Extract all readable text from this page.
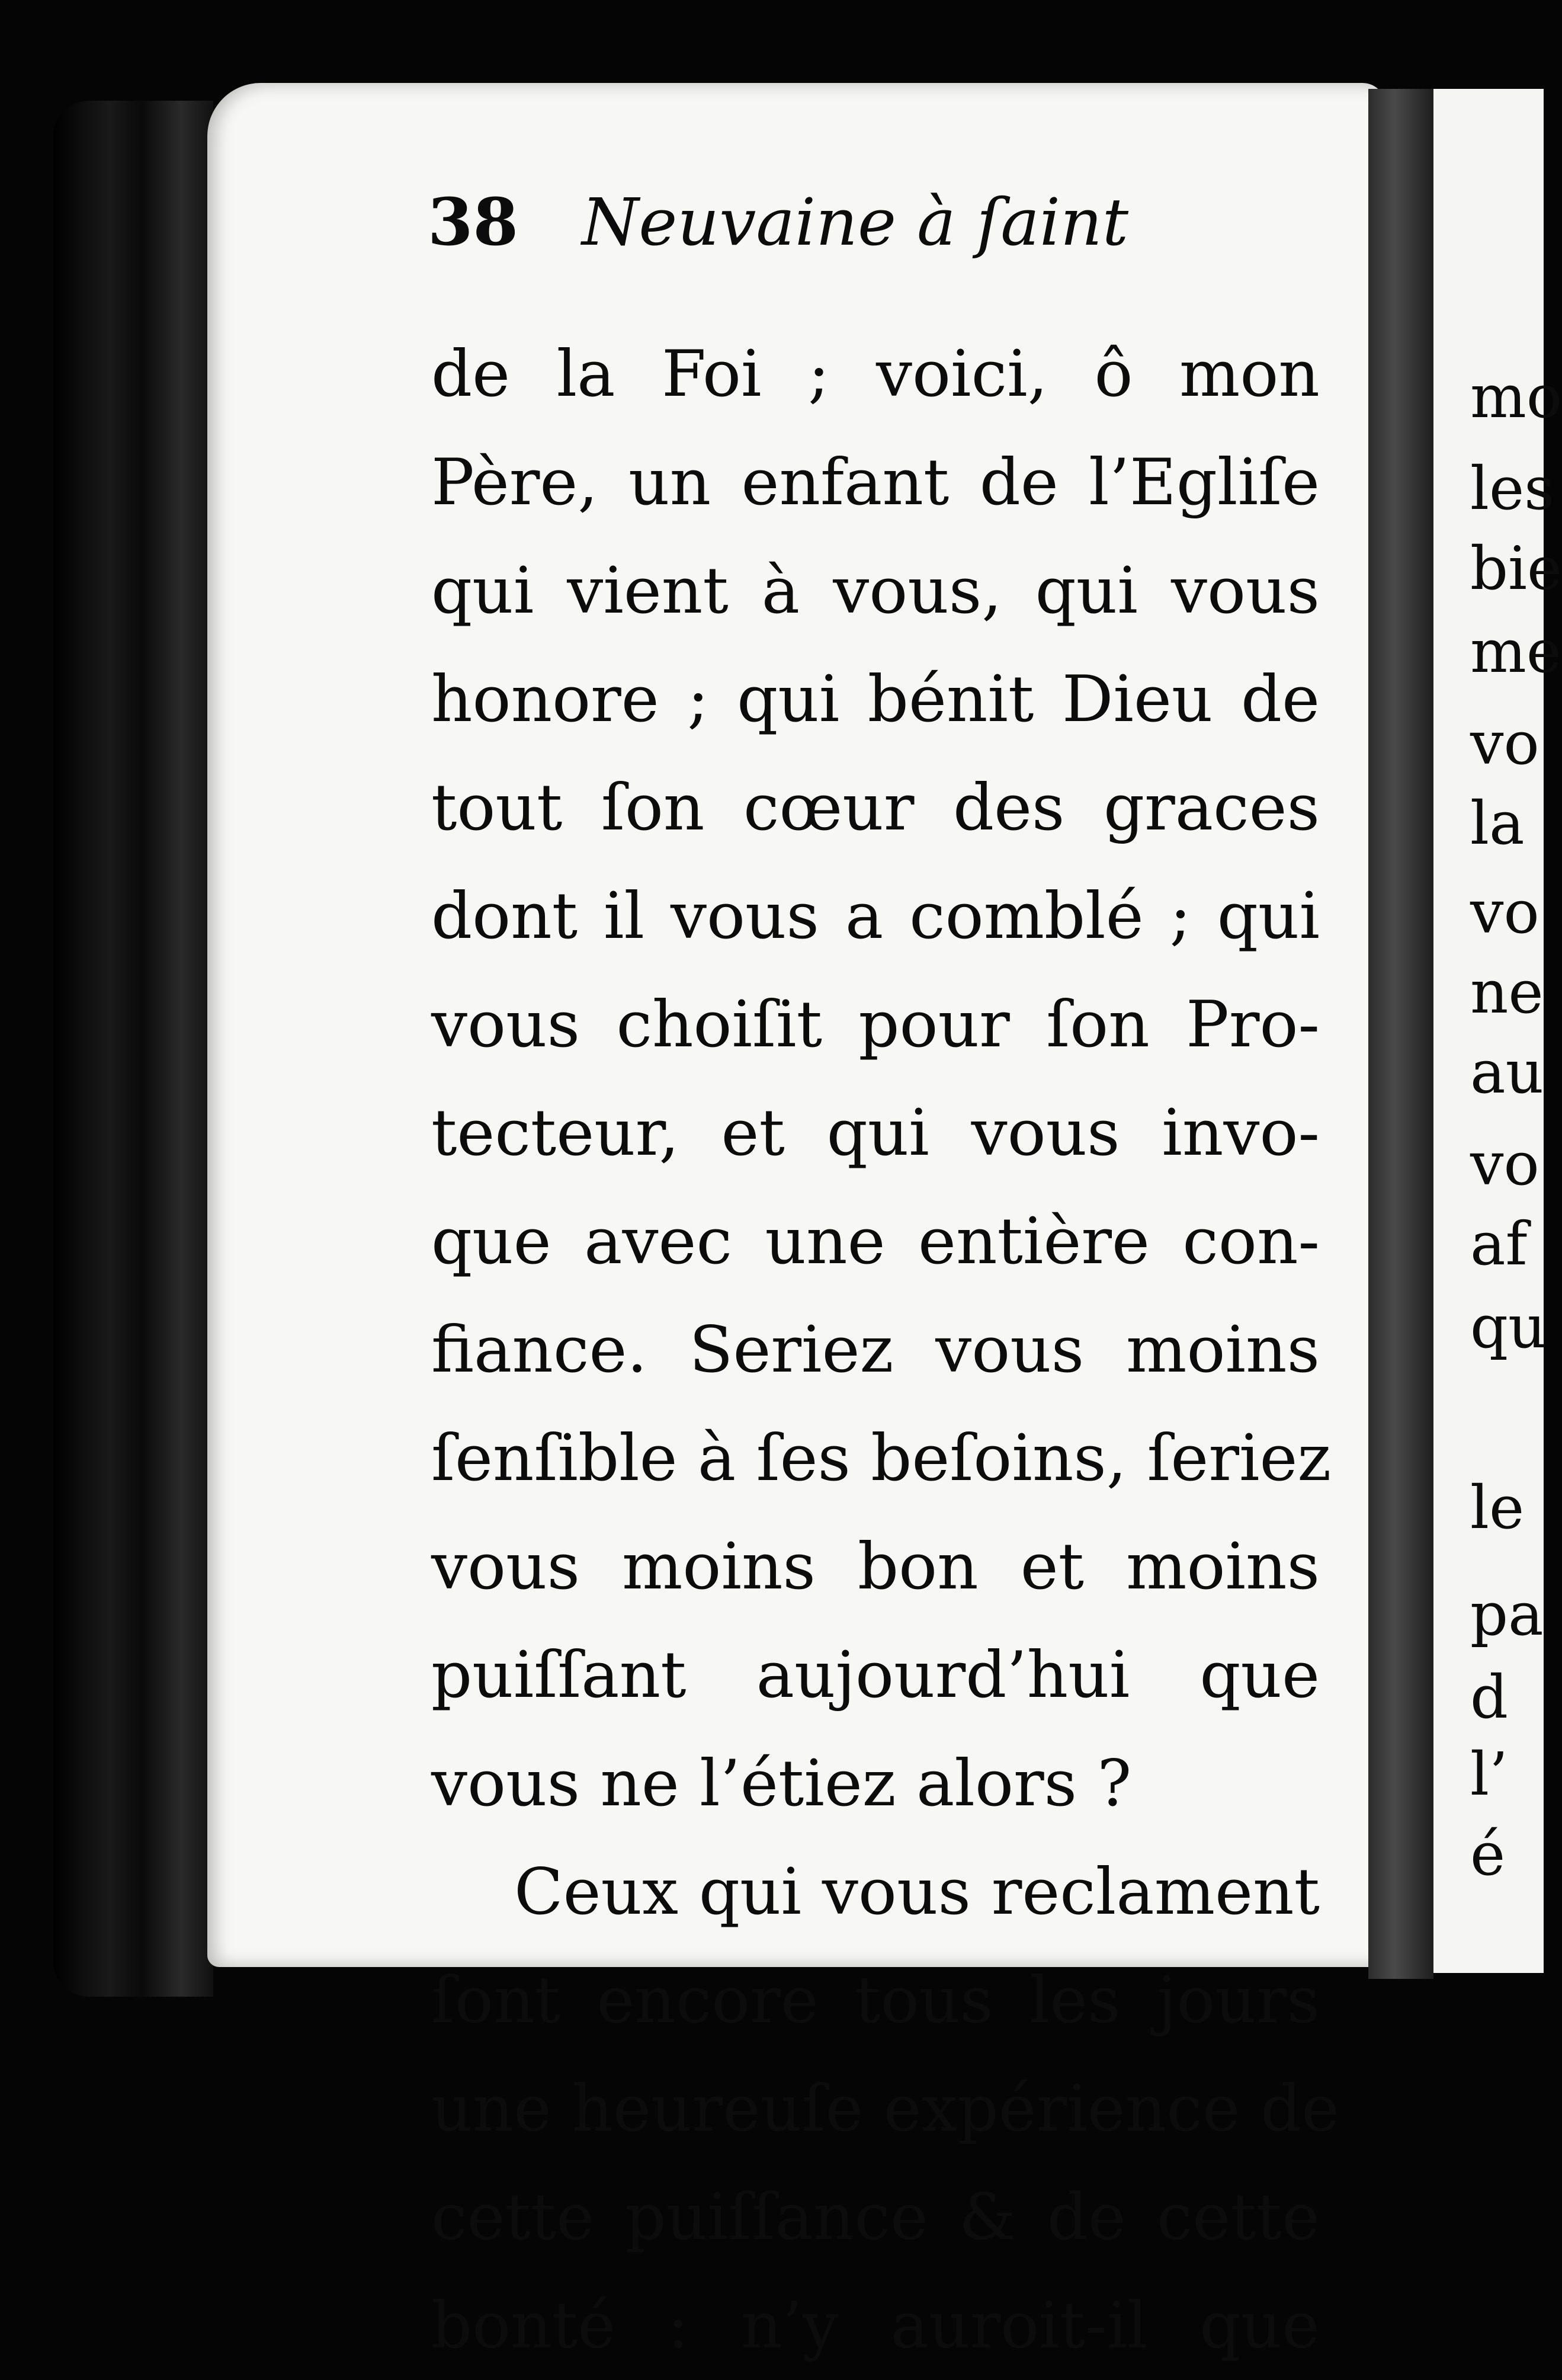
mo
les
bie
me
vo
la
vo
ne
au
vo
af
qu
le
pa
d
l’
é
38 Neuvaine à ſaint
de la Foi ; voici, ô mon
Père, un enfant de l’Egliſe
qui vient à vous, qui vous
honore ; qui bénit Dieu de
tout ſon cœur des graces
dont il vous a comblé ; qui
vous choiſit pour ſon Pro-
tecteur, et qui vous invo-
que avec une entière con-
fiance. Seriez vous moins
ſenſible à ſes beſoins, ſeriez
vous moins bon et moins
puiſſant aujourd’hui que
vous ne l’étiez alors ?
Ceux qui vous reclament
ſont encore tous les jours
une heureuſe expérience de
cette puiſſance & de cette
bonté : n’y auroit-il que
